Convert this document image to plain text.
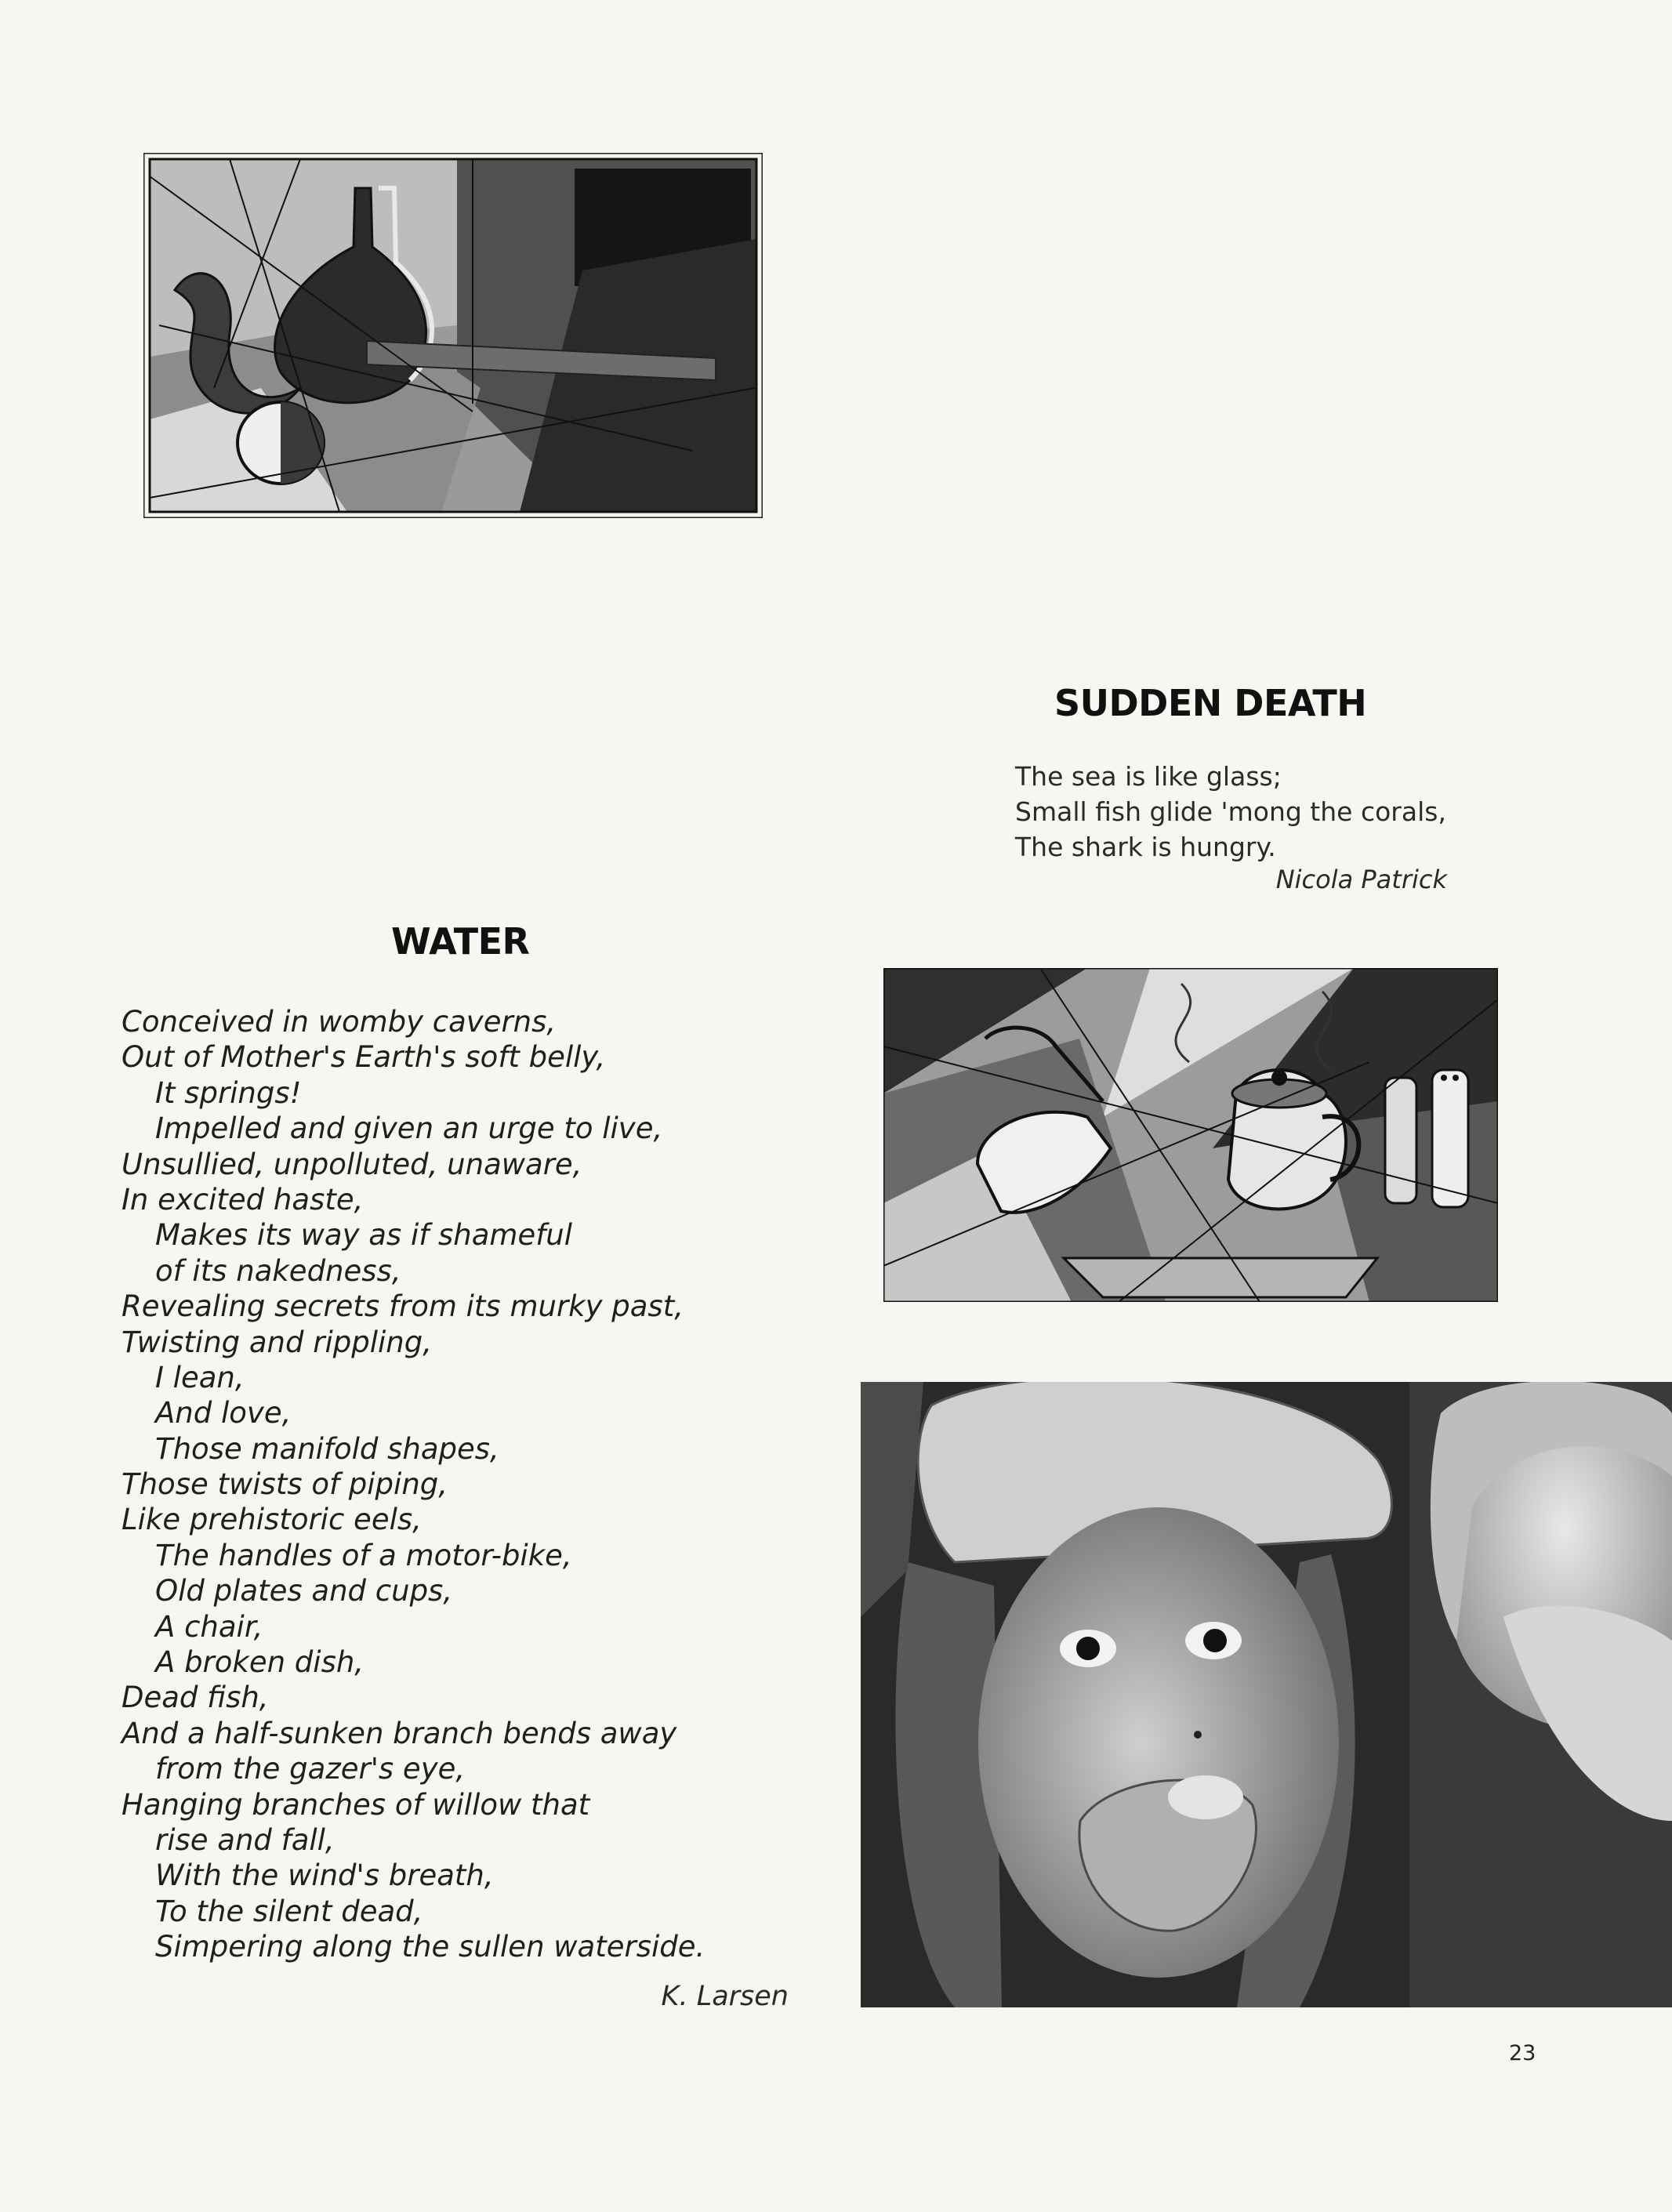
SUDDEN DEATH
The sea is like glass;
Small fish glide 'mong the corals,
The shark is hungry.
Nicola Patrick
WATER
Conceived in womby caverns,
Out of Mother's Earth's soft belly,
It springs!
Impelled and given an urge to live,
Unsullied, unpolluted, unaware,
In excited haste,
Makes its way as if shameful
of its nakedness,
Revealing secrets from its murky past,
Twisting and rippling,
I lean,
And love,
Those manifold shapes,
Those twists of piping,
Like prehistoric eels,
The handles of a motor-bike,
Old plates and cups,
A chair,
A broken dish,
Dead fish,
And a half-sunken branch bends away
from the gazer's eye,
Hanging branches of willow that
rise and fall,
With the wind's breath,
To the silent dead,
Simpering along the sullen waterside.
K. Larsen
23
